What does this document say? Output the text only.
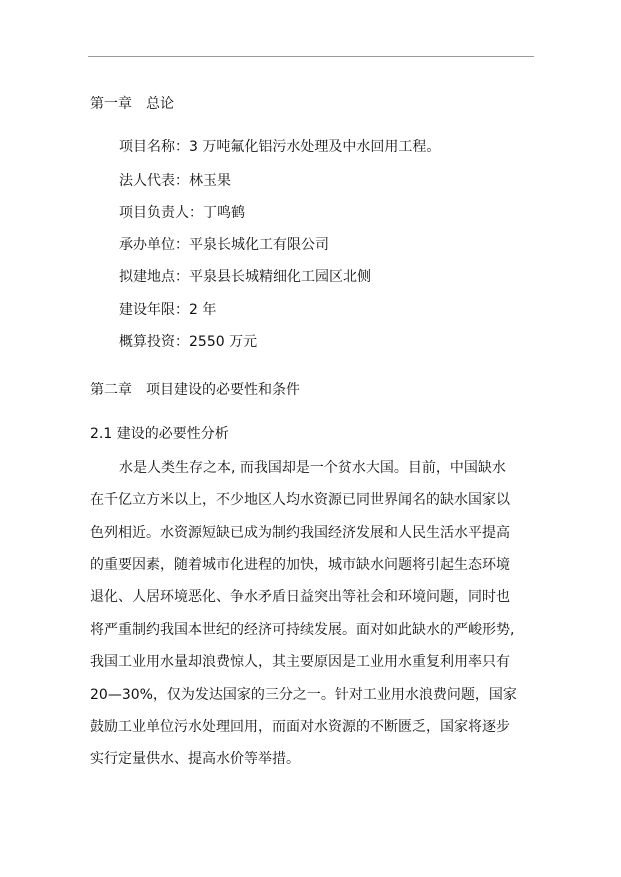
第一章　总论
项目名称：3 万吨氟化铝污水处理及中水回用工程。
法人代表：林玉果
项目负责人：丁鸣鹤
承办单位：平泉长城化工有限公司
拟建地点：平泉县长城精细化工园区北侧
建设年限：2 年
概算投资：2550 万元
第二章　项目建设的必要性和条件
2.1 建设的必要性分析
水是人类生存之本, 而我国却是一个贫水大国。目前，中国缺水
在千亿立方米以上，不少地区人均水资源已同世界闻名的缺水国家以
色列相近。水资源短缺已成为制约我国经济发展和人民生活水平提高
的重要因素，随着城市化进程的加快，城市缺水问题将引起生态环境
退化、人居环境恶化、争水矛盾日益突出等社会和环境问题，同时也
将严重制约我国本世纪的经济可持续发展。面对如此缺水的严峻形势,
我国工业用水量却浪费惊人，其主要原因是工业用水重复利用率只有
20—30%，仅为发达国家的三分之一。针对工业用水浪费问题，国家
鼓励工业单位污水处理回用，而面对水资源的不断匮乏，国家将逐步
实行定量供水、提高水价等举措。
